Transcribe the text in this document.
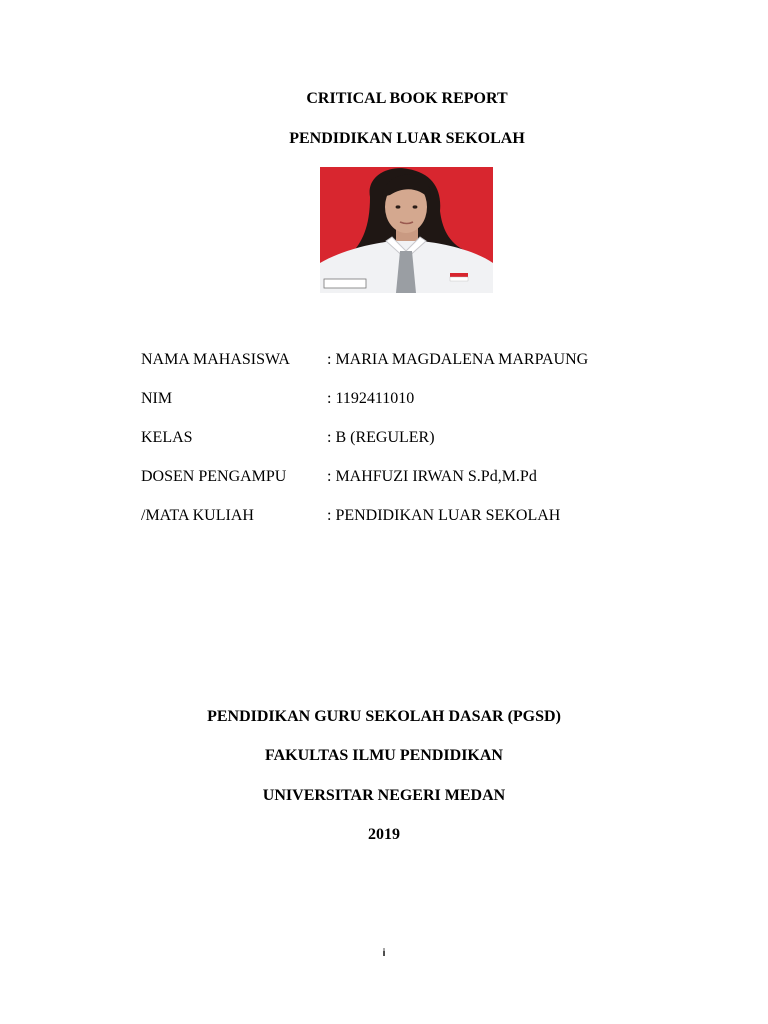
CRITICAL BOOK REPORT
PENDIDIKAN LUAR SEKOLAH
NAMA MAHASISWA : MARIA MAGDALENA MARPAUNG
NIM	: 1192411010
KELAS	: B (REGULER)
DOSEN PENGAMPU	: MAHFUZI IRWAN S.Pd,M.Pd
/MATA KULIAH	: PENDIDIKAN LUAR SEKOLAH

PENDIDIKAN GURU SEKOLAH DASAR (PGSD)

FAKULTAS ILMU PENDIDIKAN

UNIVERSITAR NEGERI MEDAN

2019

i
